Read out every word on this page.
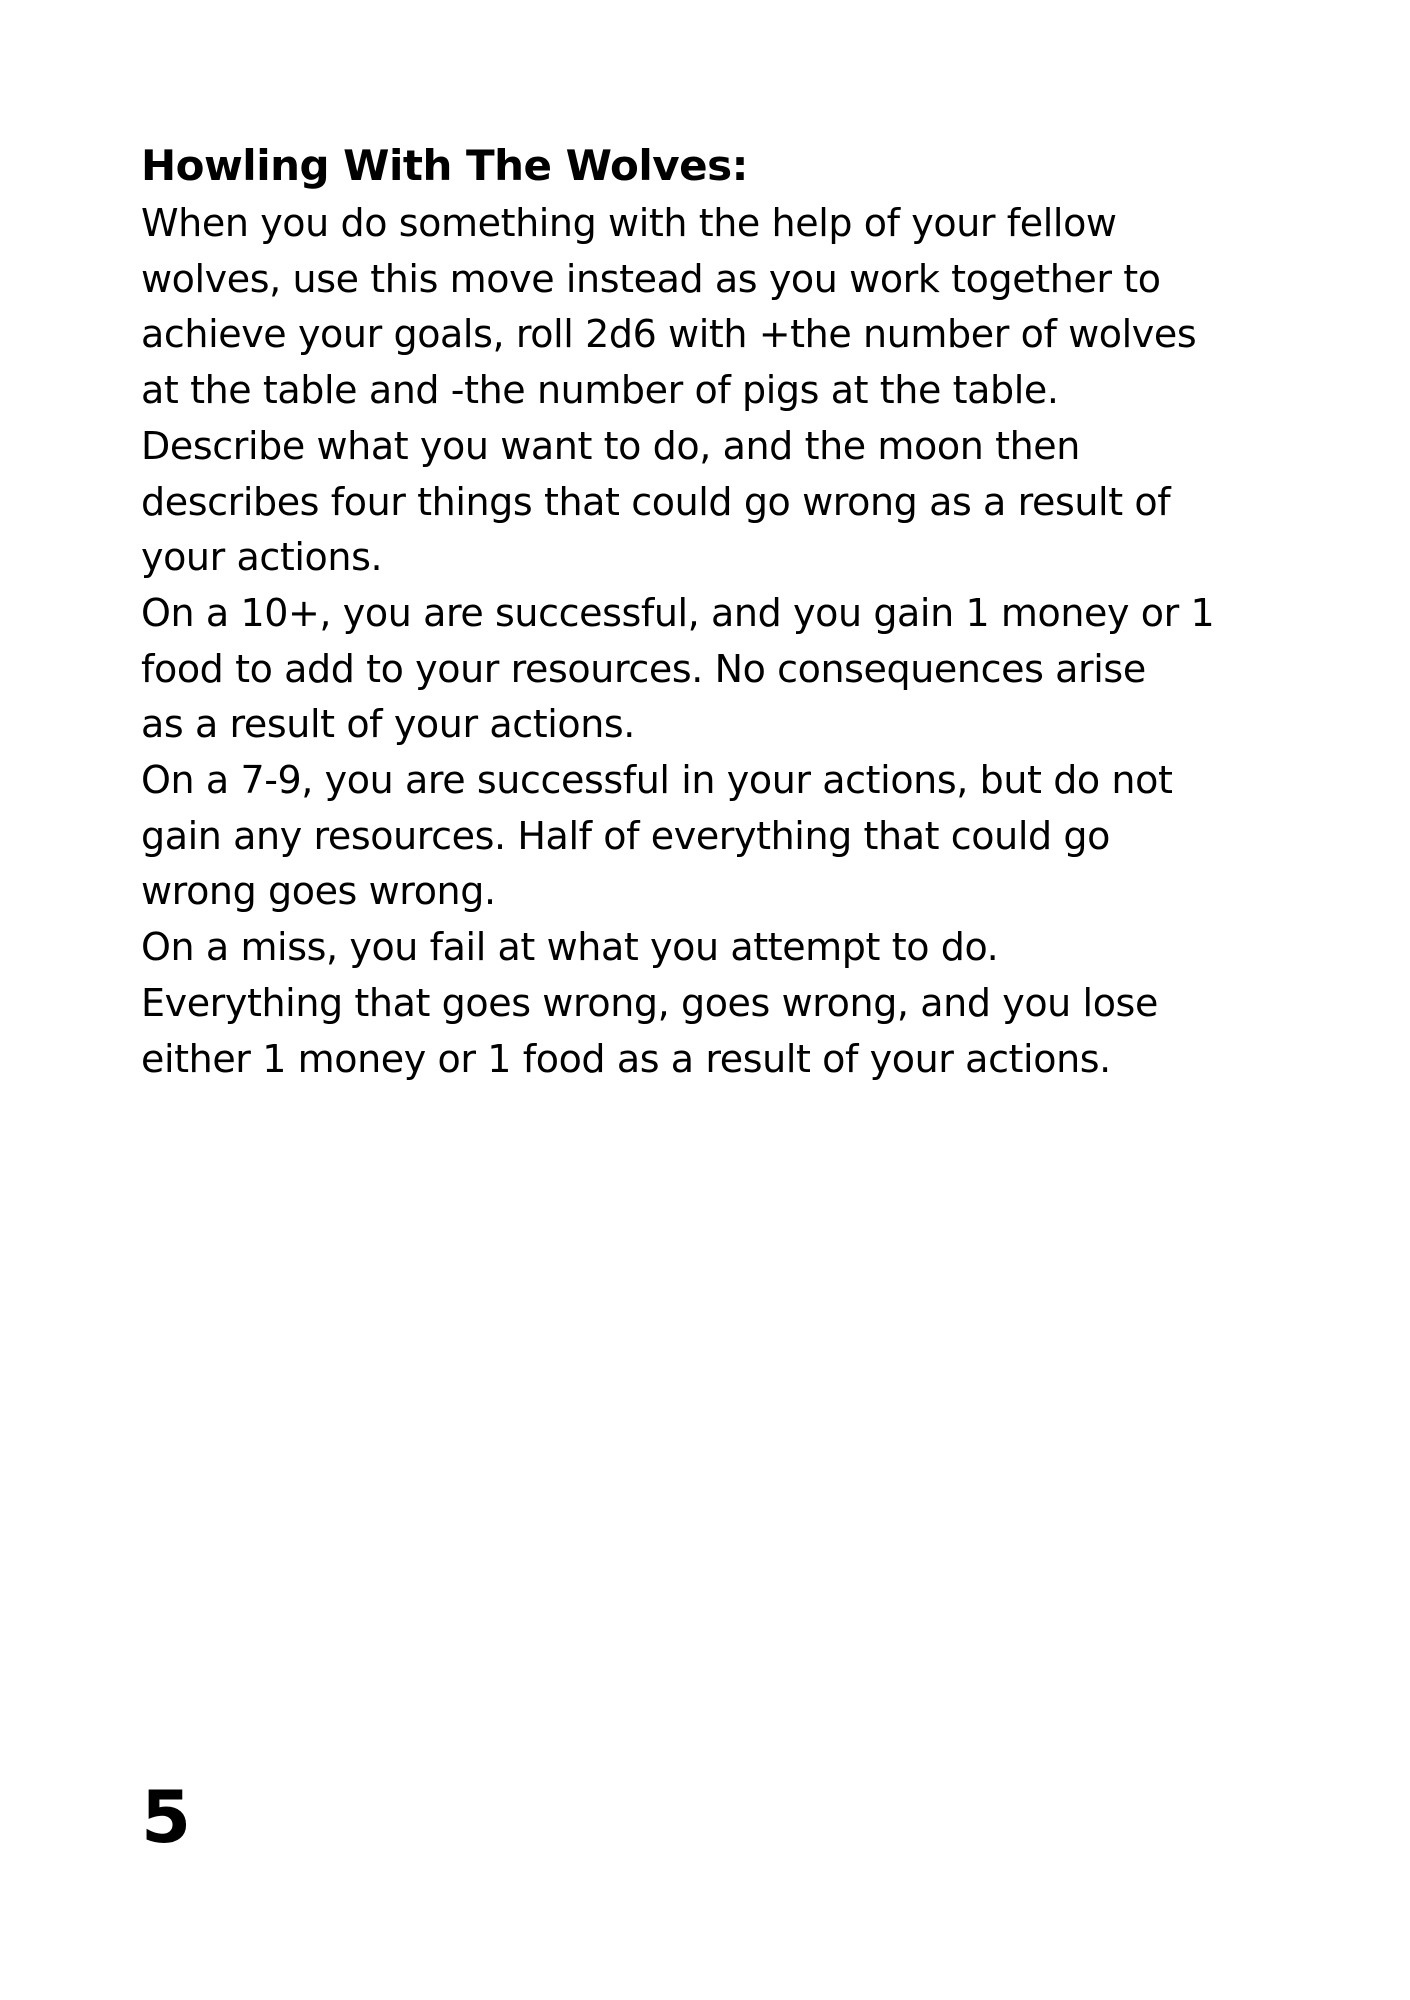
Howling With The Wolves:
When you do something with the help of your fellow
wolves, use this move instead as you work together to
achieve your goals, roll 2d6 with +the number of wolves
at the table and -the number of pigs at the table.
Describe what you want to do, and the moon then
describes four things that could go wrong as a result of
your actions.
On a 10+, you are successful, and you gain 1 money or 1
food to add to your resources. No consequences arise
as a result of your actions.
On a 7-9, you are successful in your actions, but do not
gain any resources. Half of everything that could go
wrong goes wrong.
On a miss, you fail at what you attempt to do.
Everything that goes wrong, goes wrong, and you lose
either 1 money or 1 food as a result of your actions.
5
